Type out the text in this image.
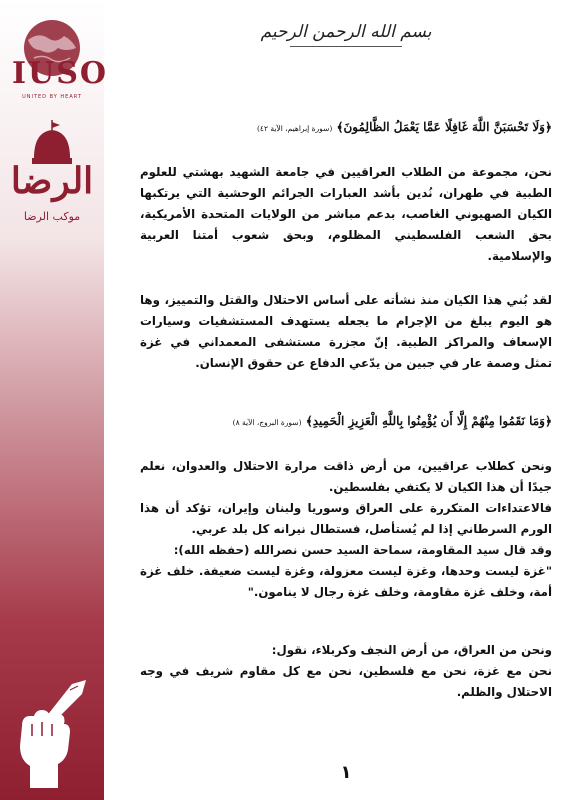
IUSO
UNITED BY HEART
الرضا
موكب الرضا
بسم الله الرحمن الرحيم
﴿وَلَا تَحْسَبَنَّ اللَّهَ غَافِلًا عَمَّا يَعْمَلُ الظَّالِمُونَ﴾ (سورة إبراهيم، الآية ٤٢)
نحن، مجموعة من الطلاب العراقيين في جامعة الشهيد بهشتي للعلوم الطبية في طهران، نُدين بأشد العبارات الجرائم الوحشية التي يرتكبها الكيان الصهيوني الغاصب، بدعم مباشر من الولايات المتحدة الأمريكية، بحق الشعب الفلسطيني المظلوم، وبحق شعوب أمتنا العربية والإسلامية.
لقد بُني هذا الكيان منذ نشأته على أساس الاحتلال والقتل والتمييز، وها هو اليوم يبلغ من الإجرام ما يجعله يستهدف المستشفيات وسيارات الإسعاف والمراكز الطبية. إنّ مجزرة مستشفى المعمداني في غزة تمثل وصمة عار في جبين من يدّعي الدفاع عن حقوق الإنسان.
﴿وَمَا نَقَمُوا مِنْهُمْ إِلَّا أَن يُؤْمِنُوا بِاللَّهِ الْعَزِيزِ الْحَمِيدِ﴾ (سورة البروج، الآية ٨)
ونحن كطلاب عراقيين، من أرض ذاقت مرارة الاحتلال والعدوان، نعلم جيدًا أن هذا الكيان لا يكتفي بفلسطين.
فالاعتداءات المتكررة على العراق وسوريا ولبنان وإيران، تؤكد أن هذا الورم السرطاني إذا لم يُستأصل، فستطال نيرانه كل بلد عربي.
وقد قال سيد المقاومة، سماحة السيد حسن نصرالله (حفظه الله):
"غزة ليست وحدها، وغزة ليست معزولة، وغزة ليست ضعيفة. خلف غزة أمة، وخلف غزة مقاومة، وخلف غزة رجال لا ينامون."
ونحن من العراق، من أرض النجف وكربلاء، نقول:
نحن مع غزة، نحن مع فلسطين، نحن مع كل مقاوم شريف في وجه الاحتلال والظلم.
١
